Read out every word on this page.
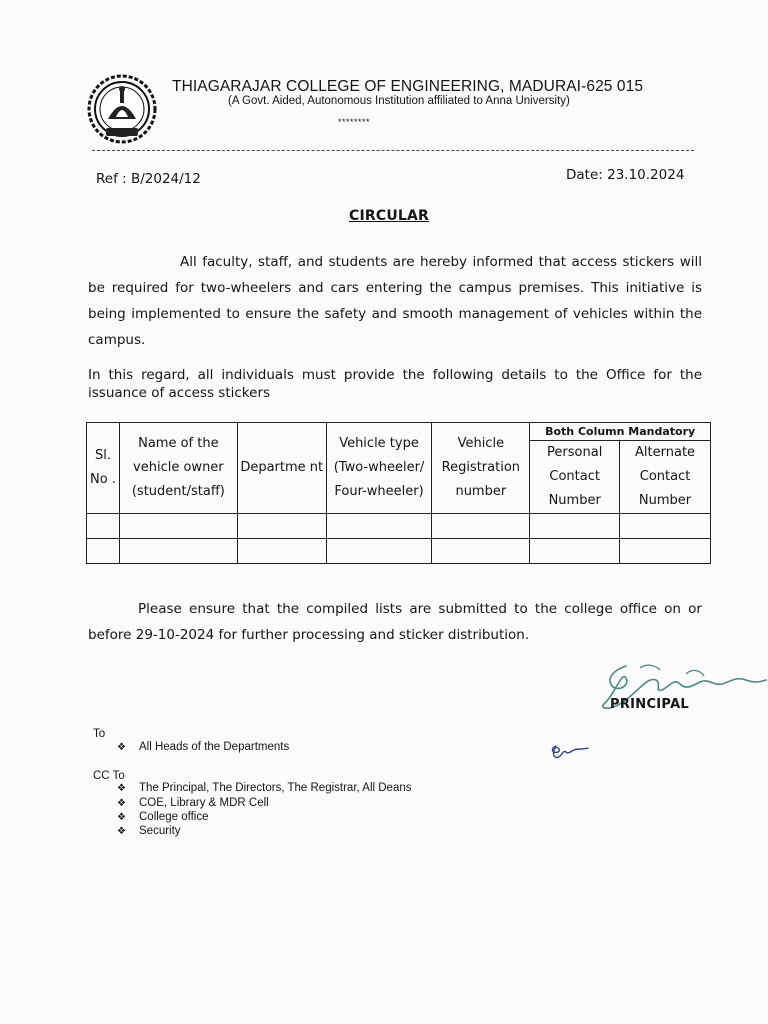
THIAGARAJAR COLLEGE OF ENGINEERING, MADURAI-625 015
(A Govt. Aided, Autonomous Institution affiliated to Anna University)
********
Ref : B/2024/12	Date: 23.10.2024
CIRCULAR
All faculty, staff, and students are hereby informed that access stickers will be required for two-wheelers and cars entering the campus premises. This initiative is being implemented to ensure the safety and smooth management of vehicles within the campus.
In this regard, all individuals must provide the following details to the Office for the issuance of access stickers
Sl. No .	Name of the vehicle owner (student/staff)	Departme nt	Vehicle type (Two-wheeler/ Four-wheeler)	Vehicle Registration number	Both Column Mandatory	
					Personal Contact Number	Alternate Contact Number

Please ensure that the compiled lists are submitted to the college office on or before 29-10-2024 for further processing and sticker distribution.
PRINCIPAL
To
❖ All Heads of the Departments
CC To
❖ The Principal, The Directors, The Registrar, All Deans
❖ COE, Library & MDR Cell
❖ College office
❖ Security
